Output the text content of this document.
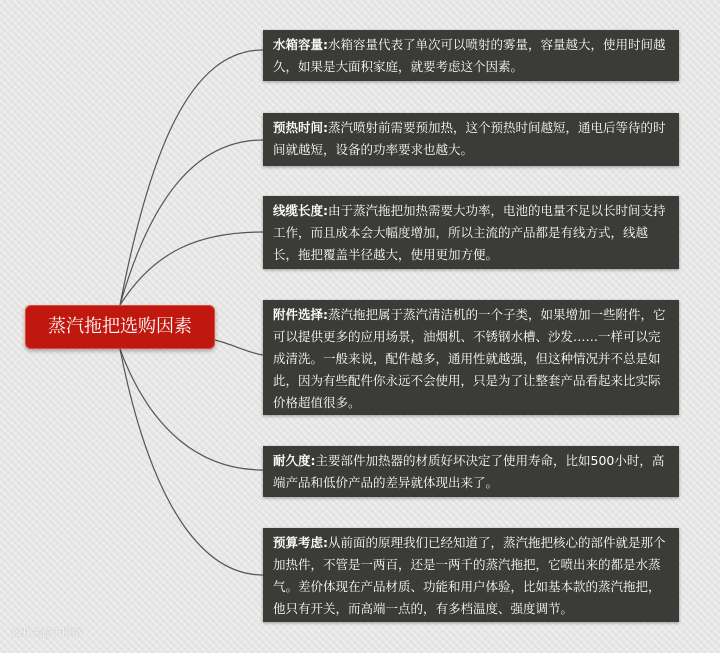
蒸汽拖把选购因素
水箱容量:水箱容量代表了单次可以喷射的雾量，容量越大，使用时间越久，如果是大面积家庭，就要考虑这个因素。
预热时间:蒸汽喷射前需要预加热，这个预热时间越短，通电后等待的时间就越短，设备的功率要求也越大。
线缆长度:由于蒸汽拖把加热需要大功率，电池的电量不足以长时间支持工作，而且成本会大幅度增加，所以主流的产品都是有线方式，线越长，拖把覆盖半径越大，使用更加方便。
附件选择:蒸汽拖把属于蒸汽清洁机的一个子类，如果增加一些附件，它可以提供更多的应用场景，油烟机、不锈钢水槽、沙发……一样可以完成清洗。一般来说，配件越多，通用性就越强，但这种情况并不总是如此，因为有些配件你永远不会使用，只是为了让整套产品看起来比实际价格超值很多。
耐久度:主要部件加热器的材质好坏决定了使用寿命，比如500小时，高端产品和低价产品的差异就体现出来了。
预算考虑:从前面的原理我们已经知道了，蒸汽拖把核心的部件就是那个加热件，不管是一两百，还是一两千的蒸汽拖把，它喷出来的都是水蒸气。差价体现在产品材质、功能和用户体验，比如基本款的蒸汽拖把，他只有开关，而高端一点的，有多档温度、强度调节。
图片来源于网络
